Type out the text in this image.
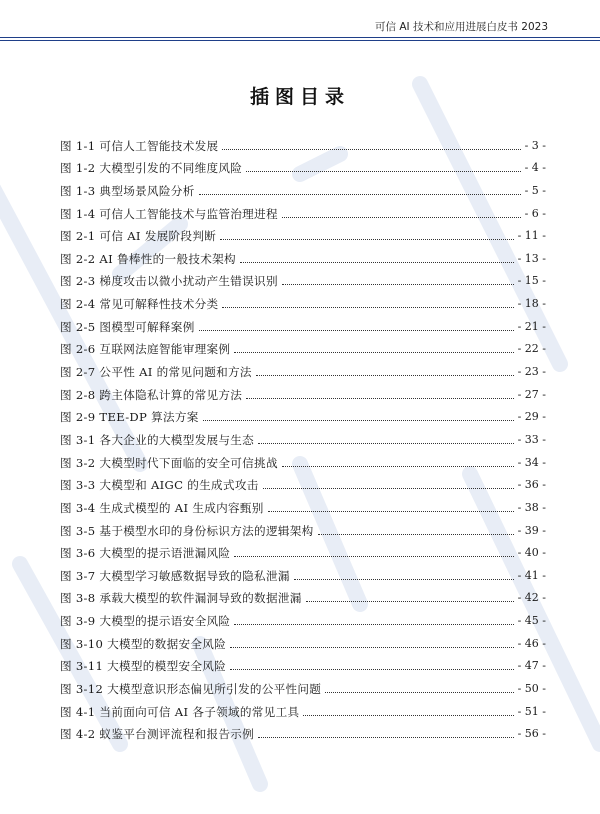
可信 AI 技术和应用进展白皮书 2023
插图目录
图 1-1 可信人工智能技术发展	- 3 -
图 1-2 大模型引发的不同维度风险	- 4 -
图 1-3 典型场景风险分析	- 5 -
图 1-4 可信人工智能技术与监管治理进程	- 6 -
图 2-1 可信 AI 发展阶段判断	- 11 -
图 2-2 AI 鲁棒性的一般技术架构	- 13 -
图 2-3 梯度攻击以微小扰动产生错误识别	- 15 -
图 2-4 常见可解释性技术分类	- 18 -
图 2-5 图模型可解释案例	- 21 -
图 2-6 互联网法庭智能审理案例	- 22 -
图 2-7 公平性 AI 的常见问题和方法	- 23 -
图 2-8 跨主体隐私计算的常见方法	- 27 -
图 2-9 TEE-DP 算法方案	- 29 -
图 3-1 各大企业的大模型发展与生态	- 33 -
图 3-2 大模型时代下面临的安全可信挑战	- 34 -
图 3-3 大模型和 AIGC 的生成式攻击	- 36 -
图 3-4 生成式模型的 AI 生成内容甄别	- 38 -
图 3-5 基于模型水印的身份标识方法的逻辑架构	- 39 -
图 3-6 大模型的提示语泄漏风险	- 40 -
图 3-7 大模型学习敏感数据导致的隐私泄漏	- 41 -
图 3-8 承载大模型的软件漏洞导致的数据泄漏	- 42 -
图 3-9 大模型的提示语安全风险	- 45 -
图 3-10 大模型的数据安全风险	- 46 -
图 3-11 大模型的模型安全风险	- 47 -
图 3-12 大模型意识形态偏见所引发的公平性问题	- 50 -
图 4-1 当前面向可信 AI 各子领域的常见工具	- 51 -
图 4-2 蚁鉴平台测评流程和报告示例	- 56 -
